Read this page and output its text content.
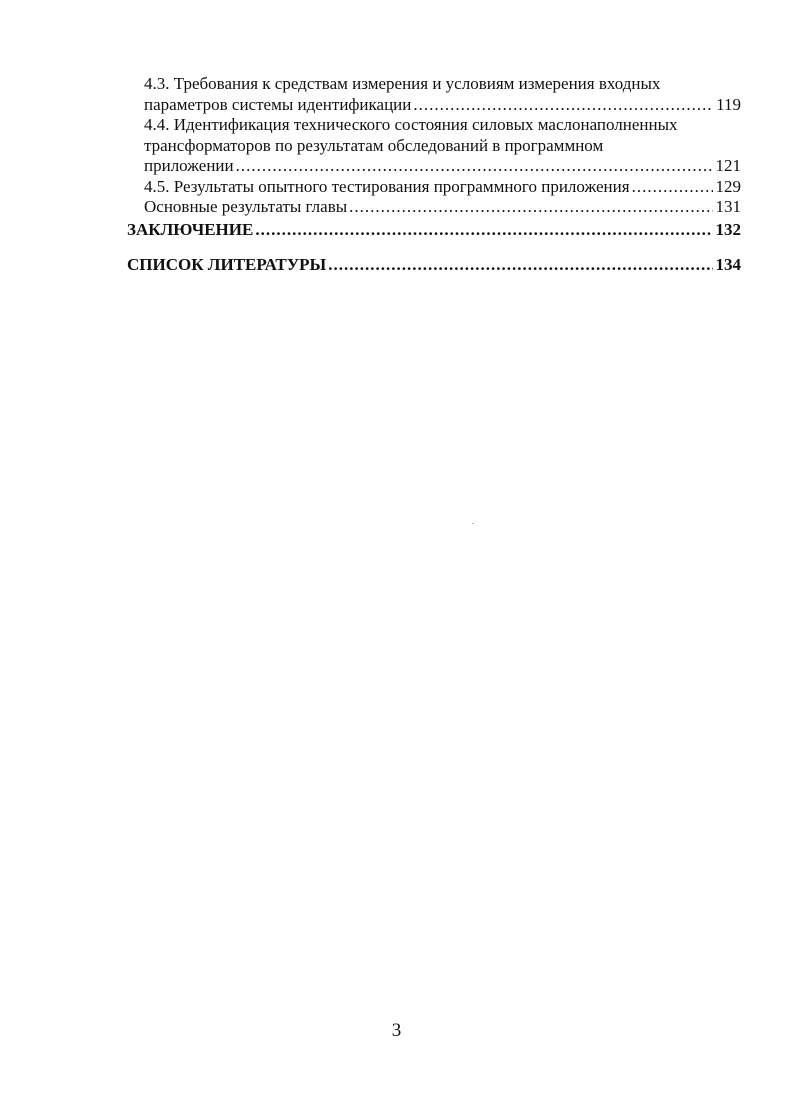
4.3. Требования к средствам измерения и условиям измерения входных
параметров системы идентификации .....	119
4.4. Идентификация технического состояния силовых маслонаполненных
трансформаторов по результатам обследований в программном
приложении .....	121
4.5. Результаты опытного тестирования программного приложения .....	129
Основные результаты главы .....	131
ЗАКЛЮЧЕНИЕ .....	132
СПИСОК ЛИТЕРАТУРЫ .....	134
3
